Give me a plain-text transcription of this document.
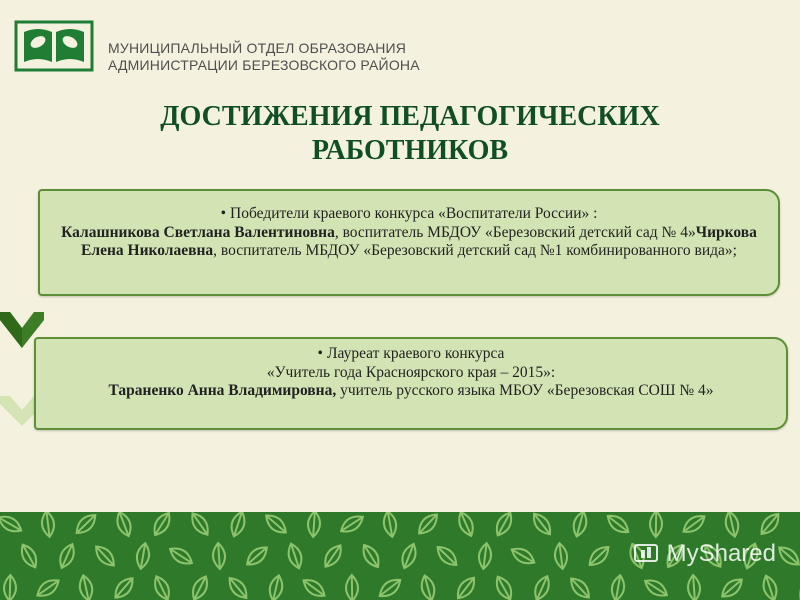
МУНИЦИПАЛЬНЫЙ ОТДЕЛ ОБРАЗОВАНИЯ
АДМИНИСТРАЦИИ БЕРЕЗОВСКОГО РАЙОНА
ДОСТИЖЕНИЯ ПЕДАГОГИЧЕСКИХ
РАБОТНИКОВ

• Победители краевого конкурса «Воспитатели России» :
Калашникова Светлана Валентиновна, воспитатель МБДОУ «Березовский детский сад № 4»Чиркова Елена Николаевна, воспитатель МБДОУ «Березовский детский сад №1 комбинированного вида»;

• Лауреат краевого конкурса
«Учитель года Красноярского края – 2015»:
Тараненко Анна Владимировна, учитель русского языка МБОУ «Березовская СОШ № 4»

MyShared
